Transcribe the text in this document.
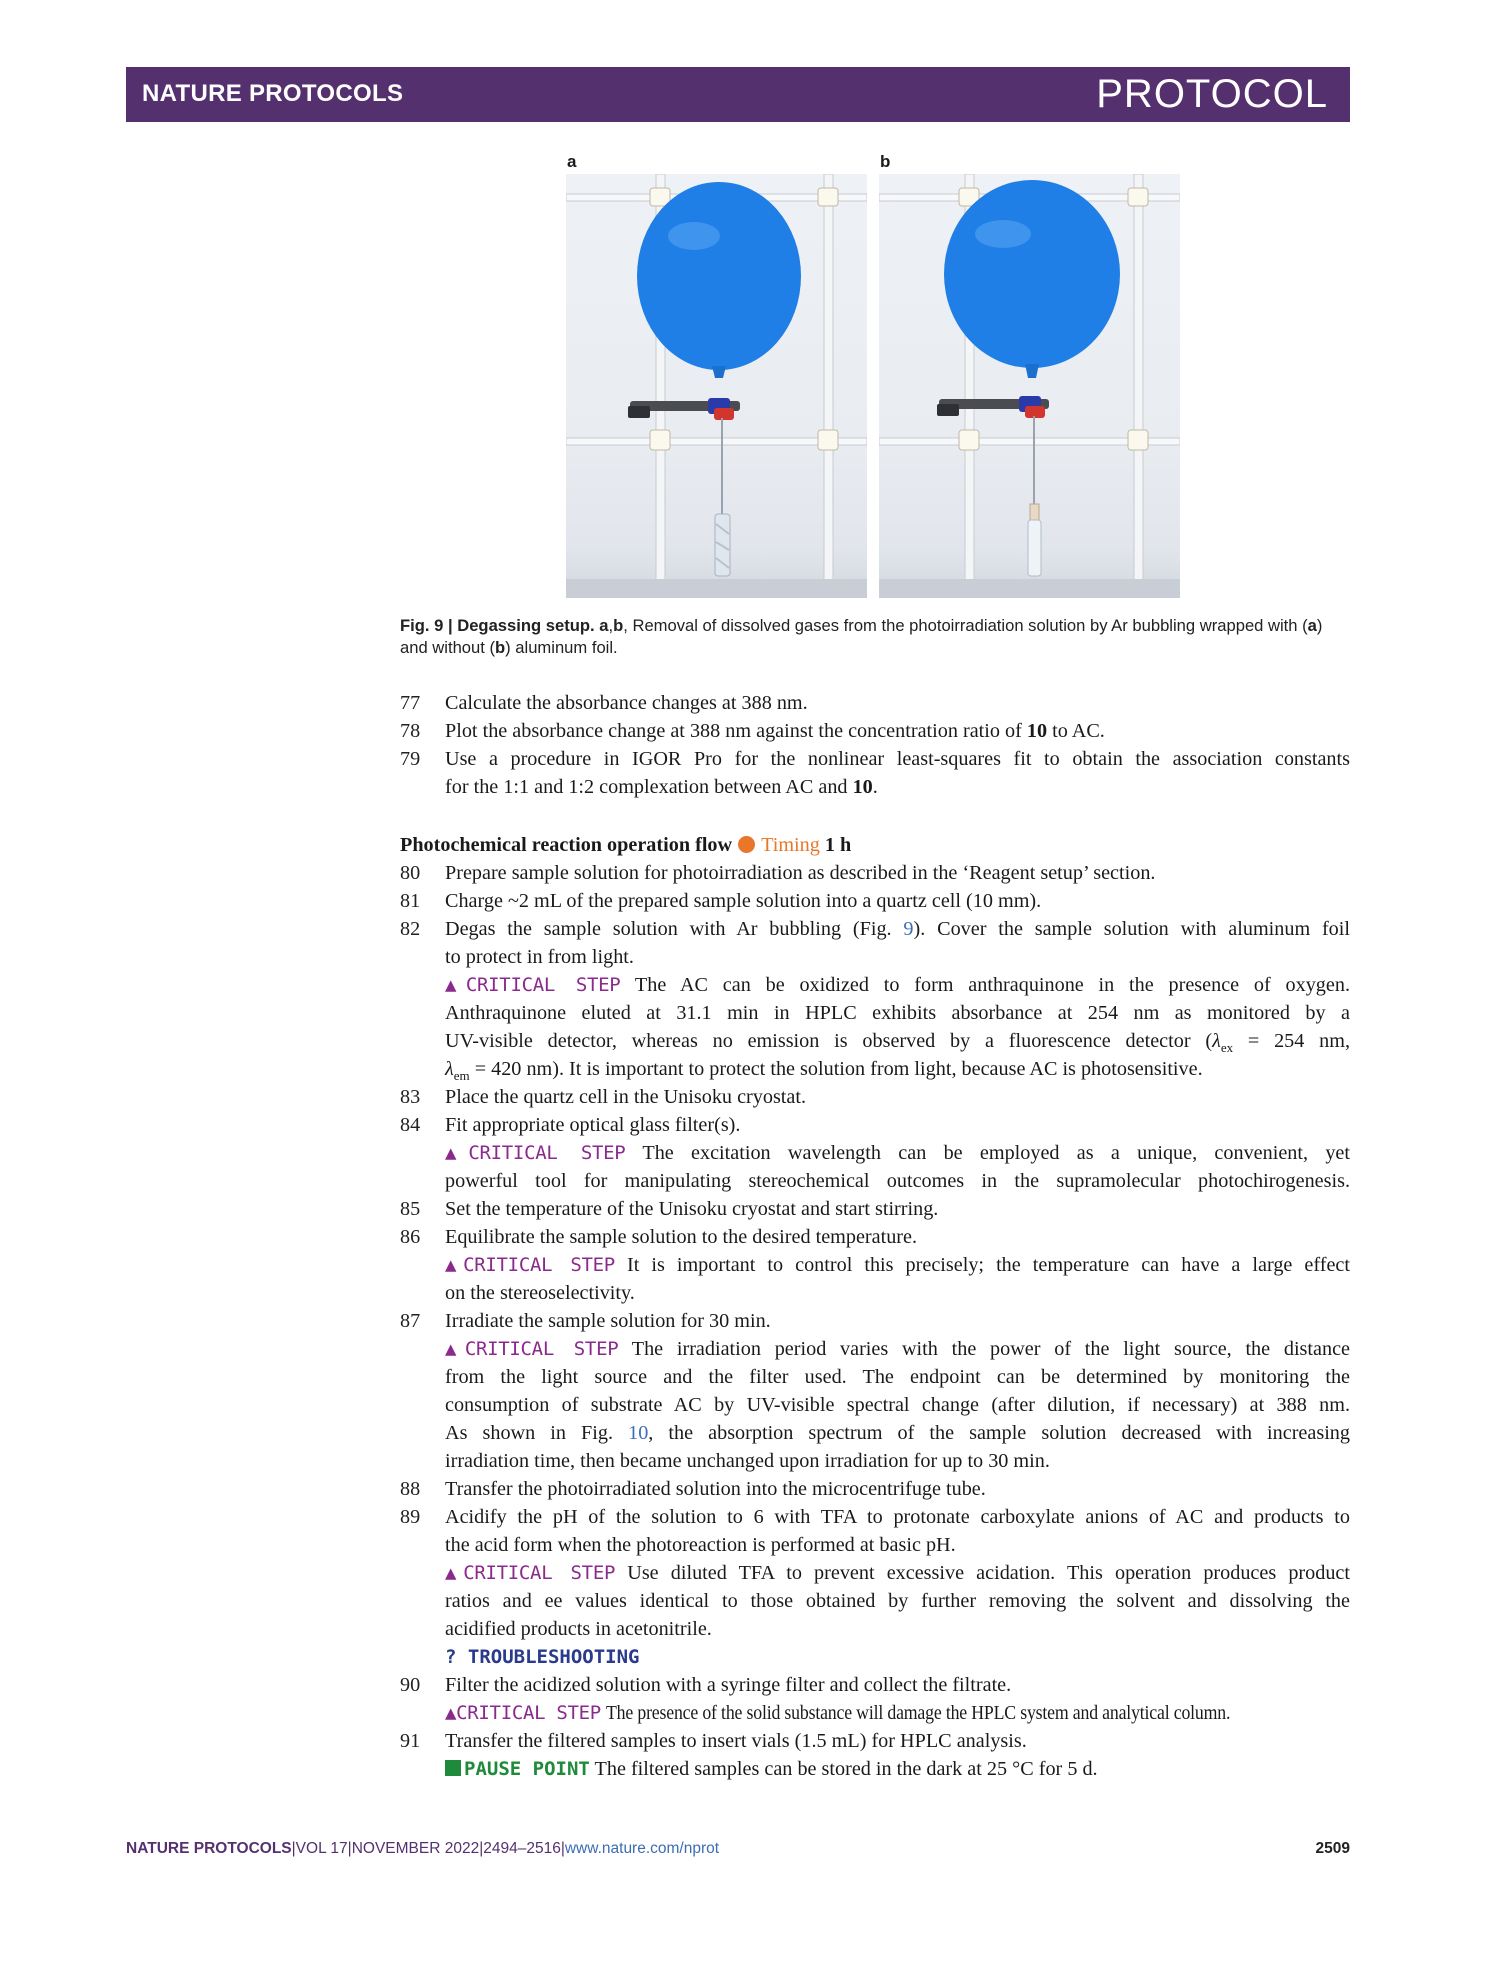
NATURE PROTOCOLS	PROTOCOL
a	b
Fig. 9 | Degassing setup. a,b, Removal of dissolved gases from the photoirradiation solution by Ar bubbling wrapped with (a) and without (b) aluminum foil.
77	Calculate the absorbance changes at 388 nm.
78	Plot the absorbance change at 388 nm against the concentration ratio of 10 to AC.
79	Use a procedure in IGOR Pro for the nonlinear least-squares fit to obtain the association constants
for the 1:1 and 1:2 complexation between AC and 10.
Photochemical reaction operation flow Timing 1 h
80	Prepare sample solution for photoirradiation as described in the ‘Reagent setup’ section.
81	Charge ~2 mL of the prepared sample solution into a quartz cell (10 mm).
82	Degas the sample solution with Ar bubbling (Fig. 9). Cover the sample solution with aluminum foil
to protect in from light.
▲CRITICAL STEP The AC can be oxidized to form anthraquinone in the presence of oxygen.
Anthraquinone eluted at 31.1 min in HPLC exhibits absorbance at 254 nm as monitored by a
UV-visible detector, whereas no emission is observed by a fluorescence detector ($\lambda_{ex} = 254$ nm,
$\lambda_{em} = 420$ nm). It is important to protect the solution from light, because AC is photosensitive.
83	Place the quartz cell in the Unisoku cryostat.
84	Fit appropriate optical glass filter(s).
▲CRITICAL STEP The excitation wavelength can be employed as a unique, convenient, yet
powerful tool for manipulating stereochemical outcomes in the supramolecular photochirogenesis.
85	Set the temperature of the Unisoku cryostat and start stirring.
86	Equilibrate the sample solution to the desired temperature.
▲CRITICAL STEP It is important to control this precisely; the temperature can have a large effect
on the stereoselectivity.
87	Irradiate the sample solution for 30 min.
▲CRITICAL STEP The irradiation period varies with the power of the light source, the distance
from the light source and the filter used. The endpoint can be determined by monitoring the
consumption of substrate AC by UV-visible spectral change (after dilution, if necessary) at 388 nm.
As shown in Fig. 10, the absorption spectrum of the sample solution decreased with increasing
irradiation time, then became unchanged upon irradiation for up to 30 min.
88	Transfer the photoirradiated solution into the microcentrifuge tube.
89	Acidify the pH of the solution to 6 with TFA to protonate carboxylate anions of AC and products to
the acid form when the photoreaction is performed at basic pH.
▲CRITICAL STEP Use diluted TFA to prevent excessive acidation. This operation produces product
ratios and ee values identical to those obtained by further removing the solvent and dissolving the
acidified products in acetonitrile.
? TROUBLESHOOTING
90	Filter the acidized solution with a syringe filter and collect the filtrate.
▲CRITICAL STEP The presence of the solid substance will damage the HPLC system and analytical column.
91	Transfer the filtered samples to insert vials (1.5 mL) for HPLC analysis.
PAUSE POINT The filtered samples can be stored in the dark at 25 °C for 5 d.
NATURE PROTOCOLS|VOL 17|NOVEMBER 2022|2494–2516|www.nature.com/nprot	2509
